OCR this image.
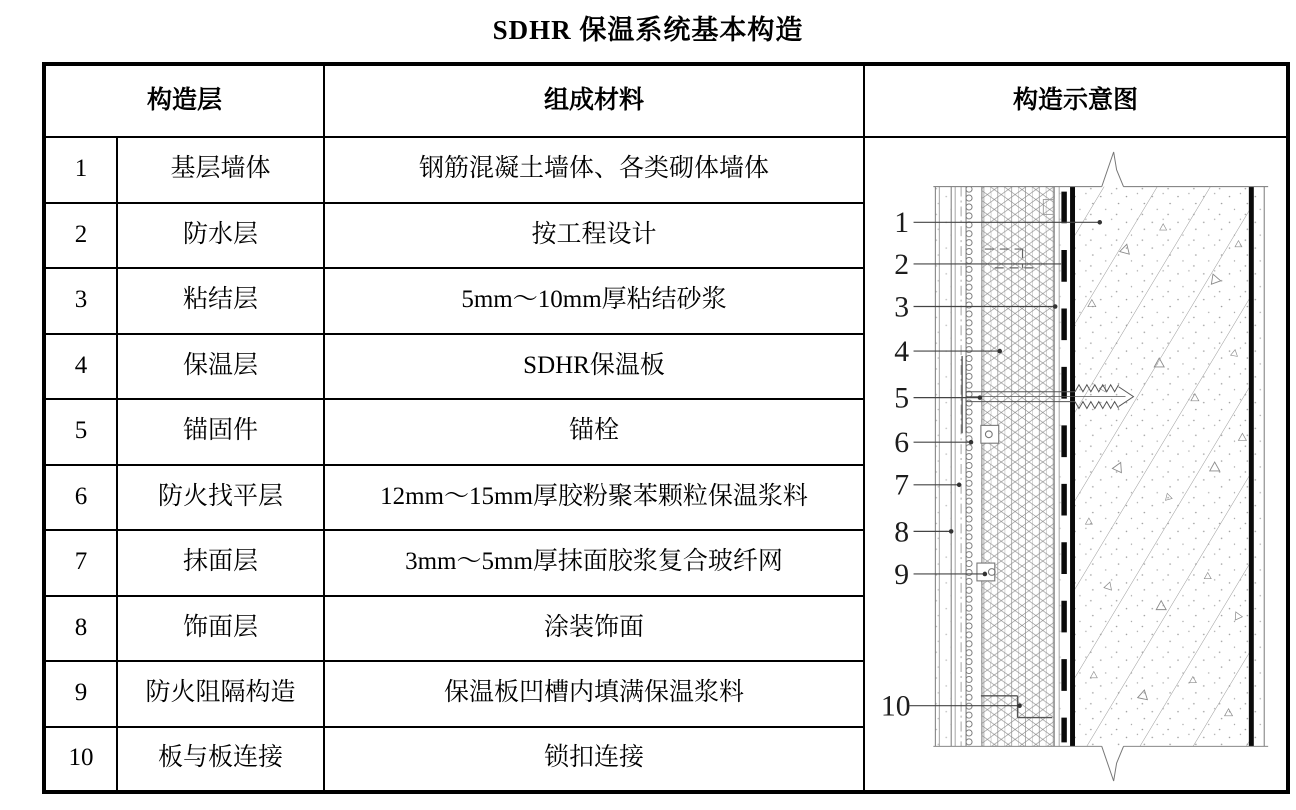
SDHR 保温系统基本构造
构造层		组成材料	构造示意图
1	基层墙体	钢筋混凝土墙体、各类砌体墙体	
1
2
3
4
5
6
7
8
9
10

2	防水层	按工程设计	
3	粘结层	5mm～10mm厚粘结砂浆	
4	保温层	SDHR保温板	
5	锚固件	锚栓	
6	防火找平层	12mm～15mm厚胶粉聚苯颗粒保温浆料	
7	抹面层	3mm～5mm厚抹面胶浆复合玻纤网	
8	饰面层	涂装饰面	
9	防火阻隔构造	保温板凹槽内填满保温浆料	
10	板与板连接	锁扣连接	
